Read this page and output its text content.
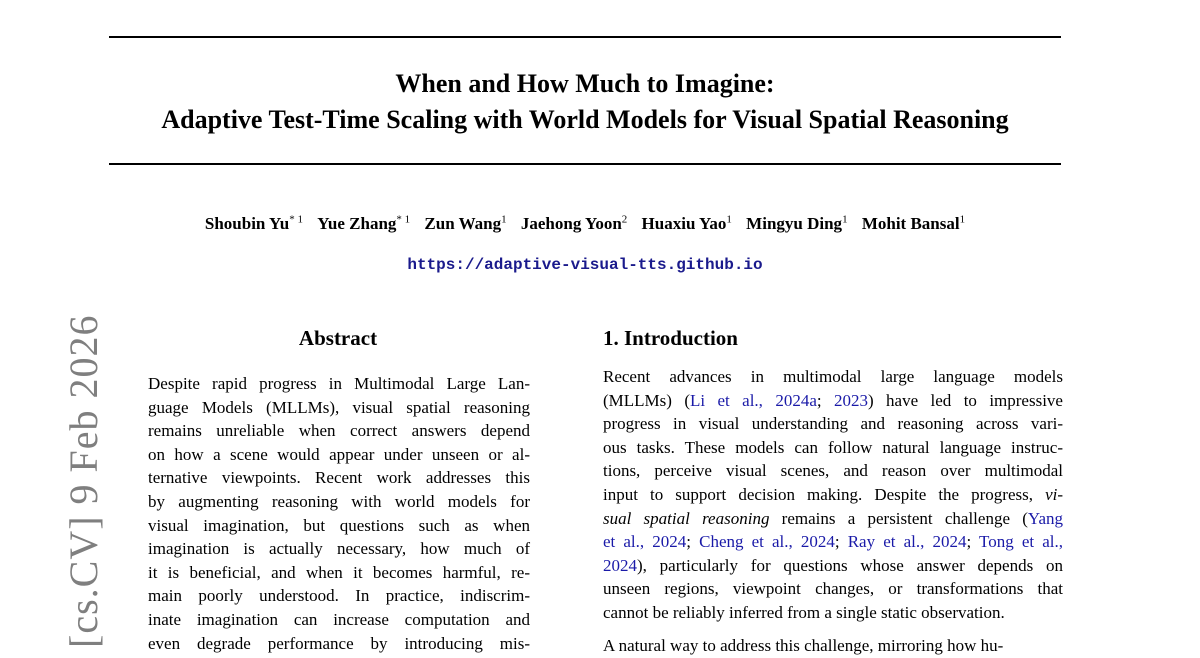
When and How Much to Imagine:
Adaptive Test-Time Scaling with World Models for Visual Spatial Reasoning
Shoubin Yu$^{* 1}$ Yue Zhang$^{* 1}$ Zun Wang$^1$ Jaehong Yoon$^2$ Huaxiu Yao$^1$ Mingyu Ding$^1$ Mohit Bansal$^1$
https://adaptive-visual-tts.github.io
[cs.CV] 9 Feb 2026	Abstract
Despite rapid progress in Multimodal Large Lan-
guage Models (MLLMs), visual spatial reasoning
remains unreliable when correct answers depend
on how a scene would appear under unseen or al-
ternative viewpoints. Recent work addresses this
by augmenting reasoning with world models for
visual imagination, but questions such as when
imagination is actually necessary, how much of
it is beneficial, and when it becomes harmful, re-
main poorly understood. In practice, indiscrim-
inate imagination can increase computation and
even degrade performance by introducing mis-
1. Introduction
Recent advances in multimodal large language models
(MLLMs) (Li et al., 2024a; 2023) have led to impressive
progress in visual understanding and reasoning across vari-
ous tasks. These models can follow natural language instruc-
tions, perceive visual scenes, and reason over multimodal
input to support decision making. Despite the progress, vi-
sual spatial reasoning remains a persistent challenge (Yang
et al., 2024; Cheng et al., 2024; Ray et al., 2024; Tong et al.,
2024), particularly for questions whose answer depends on
unseen regions, viewpoint changes, or transformations that
cannot be reliably inferred from a single static observation.
A natural way to address this challenge, mirroring how hu-
